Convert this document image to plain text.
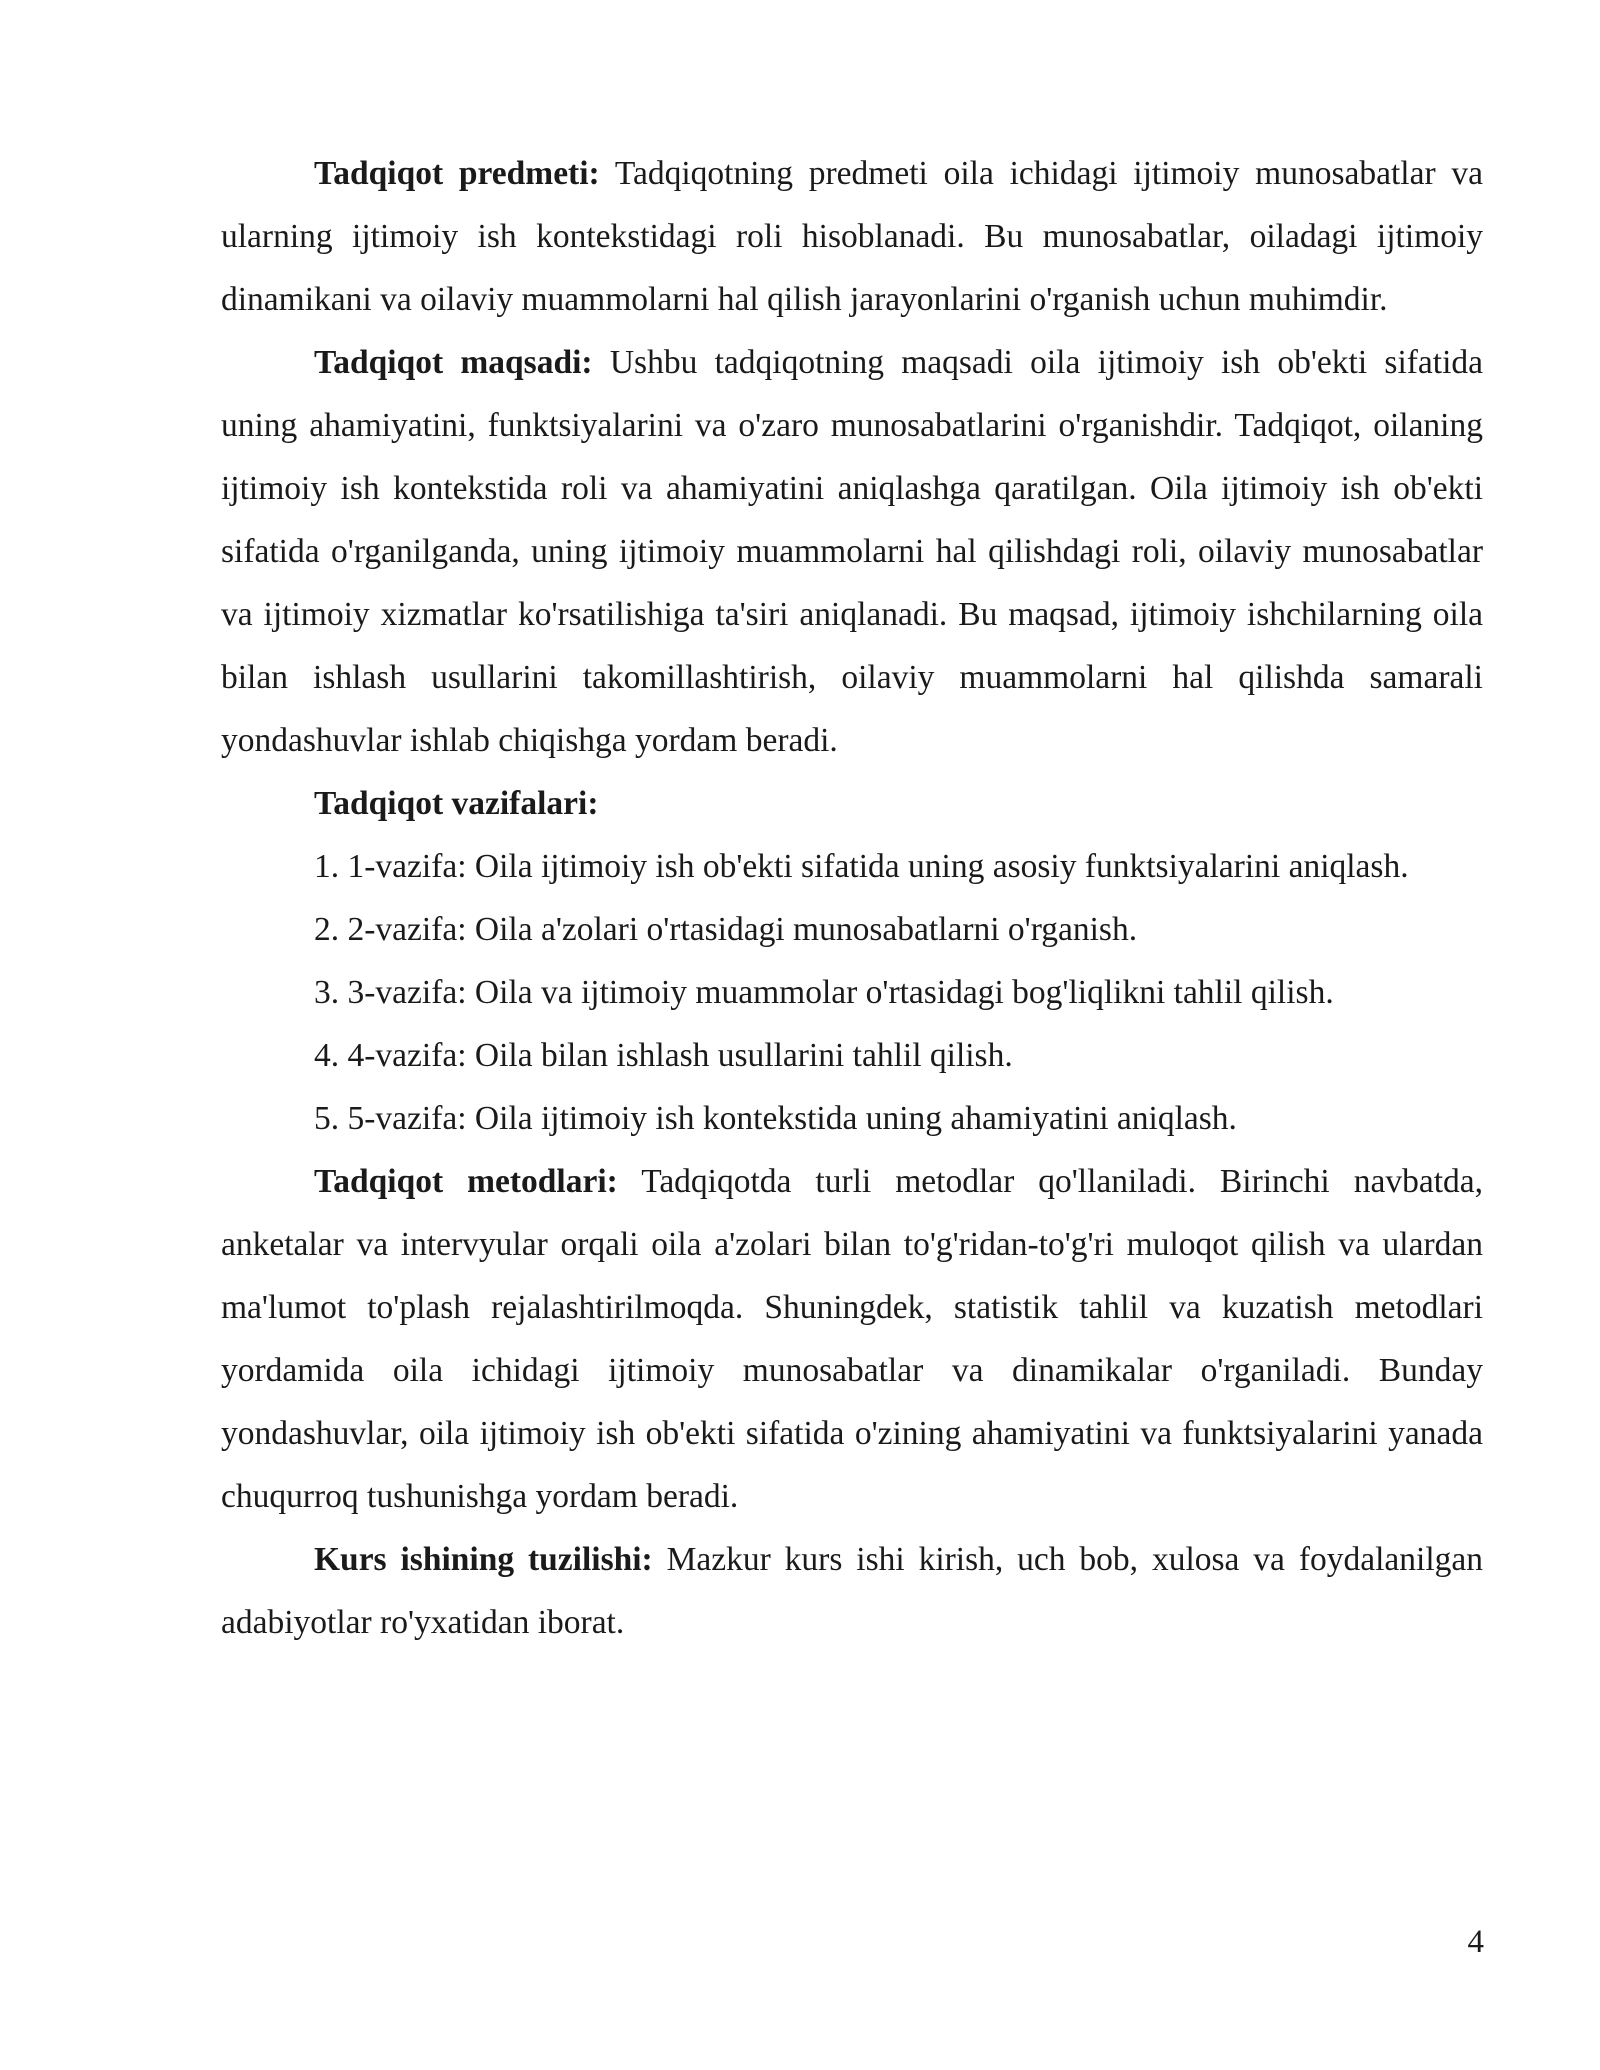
Tadqiqot predmeti: Tadqiqotning predmeti oila ichidagi ijtimoiy munosabatlar va ularning ijtimoiy ish kontekstidagi roli hisoblanadi. Bu munosabatlar, oiladagi ijtimoiy dinamikani va oilaviy muammolarni hal qilish jarayonlarini o'rganish uchun muhimdir.

Tadqiqot maqsadi: Ushbu tadqiqotning maqsadi oila ijtimoiy ish ob'ekti sifatida uning ahamiyatini, funktsiyalarini va o'zaro munosabatlarini o'rganishdir. Tadqiqot, oilaning ijtimoiy ish kontekstida roli va ahamiyatini aniqlashga qaratilgan. Oila ijtimoiy ish ob'ekti sifatida o'rganilganda, uning ijtimoiy muammolarni hal qilishdagi roli, oilaviy munosabatlar va ijtimoiy xizmatlar ko'rsatilishiga ta'siri aniqlanadi. Bu maqsad, ijtimoiy ishchilarning oila bilan ishlash usullarini takomillashtirish, oilaviy muammolarni hal qilishda samarali yondashuvlar ishlab chiqishga yordam beradi.

Tadqiqot vazifalari:

1. 1-vazifa: Oila ijtimoiy ish ob'ekti sifatida uning asosiy funktsiyalarini aniqlash.

2. 2-vazifa: Oila a'zolari o'rtasidagi munosabatlarni o'rganish.

3. 3-vazifa: Oila va ijtimoiy muammolar o'rtasidagi bog'liqlikni tahlil qilish.

4. 4-vazifa: Oila bilan ishlash usullarini tahlil qilish.

5. 5-vazifa: Oila ijtimoiy ish kontekstida uning ahamiyatini aniqlash.

Tadqiqot metodlari: Tadqiqotda turli metodlar qo'llaniladi. Birinchi navbatda, anketalar va intervyular orqali oila a'zolari bilan to'g'ridan-to'g'ri muloqot qilish va ulardan ma'lumot to'plash rejalashtirilmoqda. Shuningdek, statistik tahlil va kuzatish metodlari yordamida oila ichidagi ijtimoiy munosabatlar va dinamikalar o'rganiladi. Bunday yondashuvlar, oila ijtimoiy ish ob'ekti sifatida o'zining ahamiyatini va funktsiyalarini yanada chuqurroq tushunishga yordam beradi.

Kurs ishining tuzilishi: Mazkur kurs ishi kirish, uch bob, xulosa va foydalanilgan adabiyotlar ro'yxatidan iborat.

4
